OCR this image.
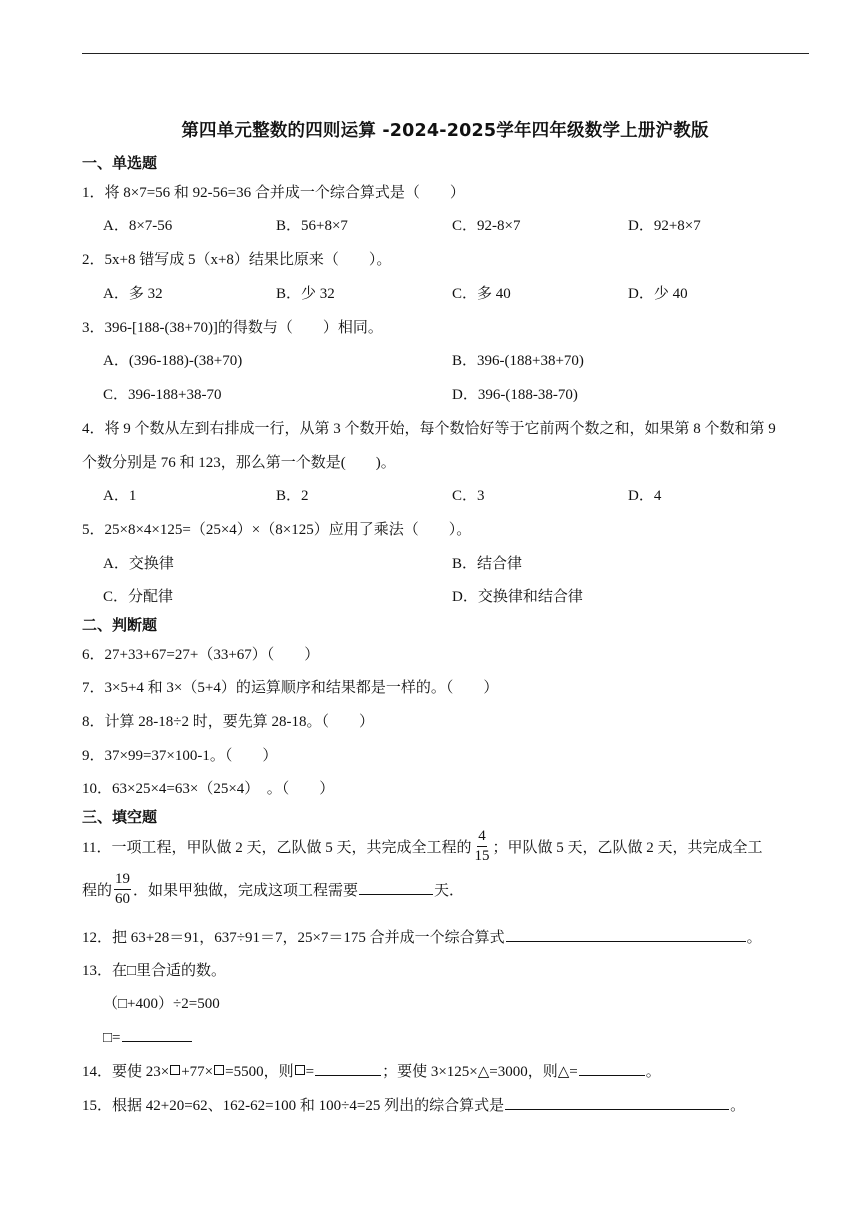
第四单元整数的四则运算 -2024-2025学年四年级数学上册沪教版
一、单选题
1．将 8×7=56 和 92-56=36 合并成一个综合算式是（　　）
A．8×7-56	B．56+8×7	C．92-8×7	D．92+8×7
2．5x+8 错写成 5（x+8）结果比原来（　　）。
A．多 32	B．少 32	C．多 40	D．少 40
3．396-[188-(38+70)]的得数与（　　）相同。
A．(396-188)-(38+70)	B．396-(188+38+70)
C．396-188+38-70	D．396-(188-38-70)
4．将 9 个数从左到右排成一行，从第 3 个数开始，每个数恰好等于它前两个数之和，如果第 8 个数和第 9
个数分别是 76 和 123，那么第一个数是(　　)。
A．1	B．2	C．3	D．4
5．25×8×4×125=（25×4）×（8×125）应用了乘法（　　）。
A．交换律	B．结合律
C．分配律	D．交换律和结合律
二、判断题
6．27+33+67=27+（33+67）（　　）
7．3×5+4 和 3×（5+4）的运算顺序和结果都是一样的。（　　）
8．计算 28-18÷2 时，要先算 28-18。（　　）
9．37×99=37×100-1。（　　）
10．63×25×4=63×（25×4）　。（　　）
三、填空题
11．一项工程，甲队做 2 天，乙队做 5 天，共完成全工程的 $\frac{4}{15}$ ；甲队做 5 天，乙队做 2 天，共完成全工
程的 $\frac{19}{60}$ ．如果甲独做，完成这项工程需要	天．
12．把 63+28＝91，637÷91＝7，25×7＝175 合并成一个综合算式	。
13．在□里合适的数。
（□+400）÷2=500
□=
14．要使 23× +77× =5500，则 =	；要使 3×125×△=3000，则△=	。
15．根据 42+20=62、162-62=100 和 100÷4=25 列出的综合算式是	。
